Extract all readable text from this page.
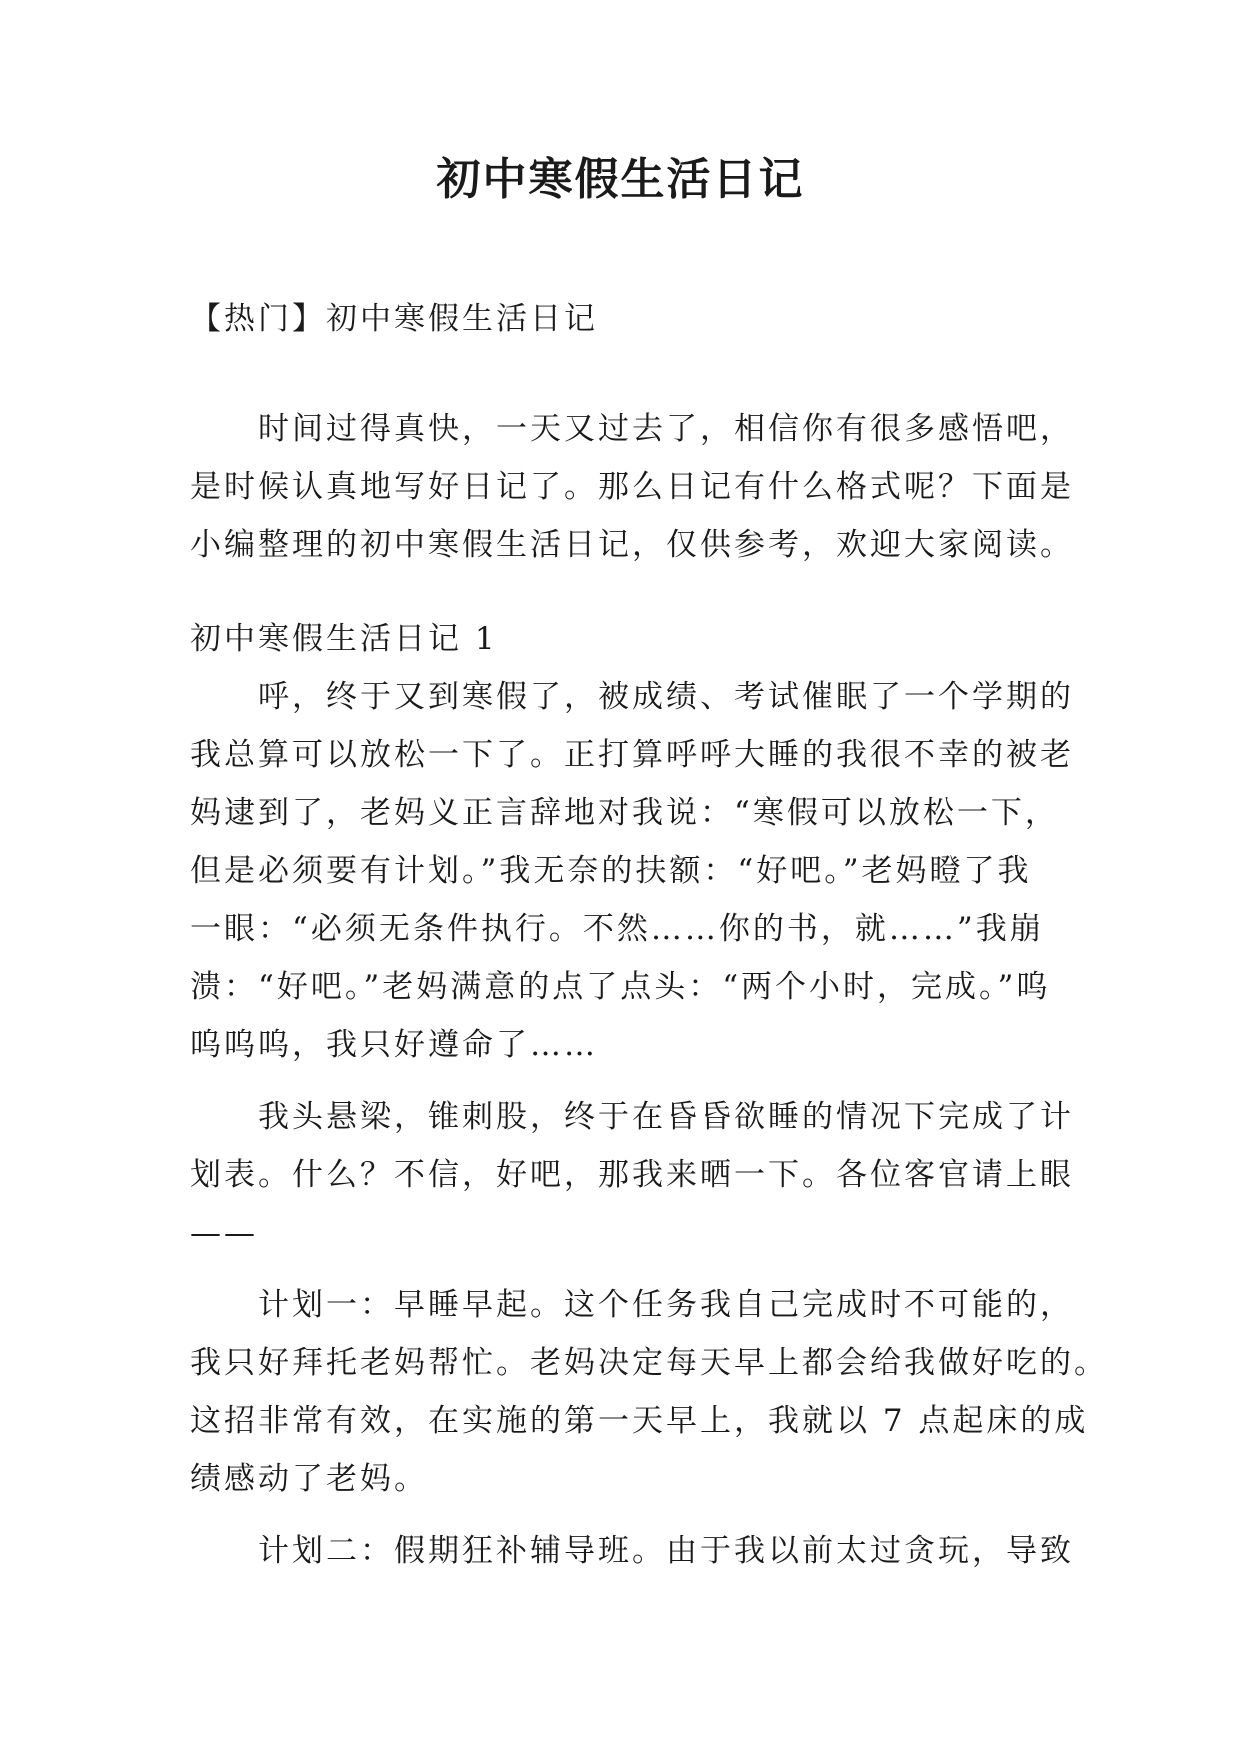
初中寒假生活日记
【热门】初中寒假生活日记
时间过得真快，一天又过去了，相信你有很多感悟吧，
是时候认真地写好日记了。那么日记有什么格式呢？下面是
小编整理的初中寒假生活日记，仅供参考，欢迎大家阅读。
初中寒假生活日记 1
呼，终于又到寒假了，被成绩、考试催眠了一个学期的
我总算可以放松一下了。正打算呼呼大睡的我很不幸的被老
妈逮到了，老妈义正言辞地对我说：“寒假可以放松一下，
但是必须要有计划。”我无奈的扶额：“好吧。”老妈瞪了我
一眼：“必须无条件执行。不然……你的书，就……”我崩
溃：“好吧。”老妈满意的点了点头：“两个小时，完成。”呜
呜呜呜，我只好遵命了……
我头悬梁，锥刺股，终于在昏昏欲睡的情况下完成了计
划表。什么？不信，好吧，那我来晒一下。各位客官请上眼
——
计划一：早睡早起。这个任务我自己完成时不可能的，
我只好拜托老妈帮忙。老妈决定每天早上都会给我做好吃的。
这招非常有效，在实施的第一天早上，我就以 7 点起床的成
绩感动了老妈。
计划二：假期狂补辅导班。由于我以前太过贪玩，导致
